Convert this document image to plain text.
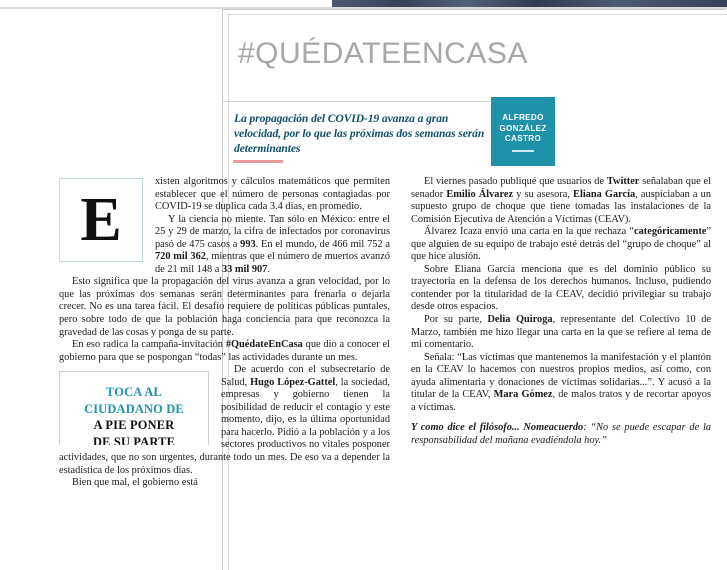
#QUÉDATEENCASA
La propagación del COVID-19 avanza a gran velocidad, por lo que las próximas dos semanas serán determinantes
ALFREDO
GONZÁLEZ
CASTRO
E

xisten algoritmos y cálculos matemáticos que permiten establecer que el número de personas contagiadas por COVID-19 se duplica cada 3.4 días, en promedio.

Y la ciencia no miente. Tan sólo en México: entre el 25 y 29 de marzo, la cifra de infectados por coronavirus pasó de 475 casos a 993. En el mundo, de 466 mil 752 a 720 mil 362, mientras que el número de muertos avanzó de 21 mil 148 a 33 mil 907.

Esto significa que la propagación del virus avanza a gran velocidad, por lo que las próximas dos semanas serán determinantes para frenarla o dejarla crecer. No es una tarea fácil. El desafío requiere de políticas públicas puntales, pero sobre todo de que la población haga conciencia para que reconozca la gravedad de las cosas y ponga de su parte.

En eso radica la campaña-invitación #QuédateEnCasa que dio a conocer el gobierno para que se pospongan “todas” las actividades durante un mes.

TOCA AL
CIUDADANO DE
A PIE PONER
DE SU PARTE

De acuerdo con el subsecretario de Salud, Hugo López-Gattel, la sociedad, empresas y gobierno tienen la posibilidad de reducir el contagio y este momento, dijo, es la última oportunidad para hacerlo. Pidió a la población y a los sectores productivos no vitales posponer actividades, que no son urgentes, durante todo un mes. De eso va a depender la estadística de los próximos días.

Bien que mal, el gobierno está

El viernes pasado publiqué que usuarios de Twitter señalaban que el senador Emilio Álvarez y su asesora, Eliana García, auspiciaban a un supuesto grupo de choque que tiene tomadas las instalaciones de la Comisión Ejecutiva de Atención a Víctimas (CEAV).

Álvarez Icaza envió una carta en la que rechaza “categóricamente” que alguien de su equipo de trabajo esté detrás del “grupo de choque” al que hice alusión.

Sobre Eliana García menciona que es del dominio público su trayectoria en la defensa de los derechos humanos. Incluso, pudiendo contender por la titularidad de la CEAV, decidió privilegiar su trabajo desde otros espacios.

Por su parte, Delia Quiroga, representante del Colectivo 10 de Marzo, también me hizo llegar una carta en la que se refiere al tema de mi comentario.

Señala: “Las víctimas que mantenemos la manifestación y el plantón en la CEAV lo hacemos con nuestros propios medios, así como, con ayuda alimentaria y donaciones de víctimas solidarias...”. Y acusó a la titular de la CEAV, Mara Gómez, de malos tratos y de recortar apoyos a víctimas.

Y como dice el filósofo... Nomeacuerdo: “No se puede escapar de la responsabilidad del mañana evadiéndola hoy.”
